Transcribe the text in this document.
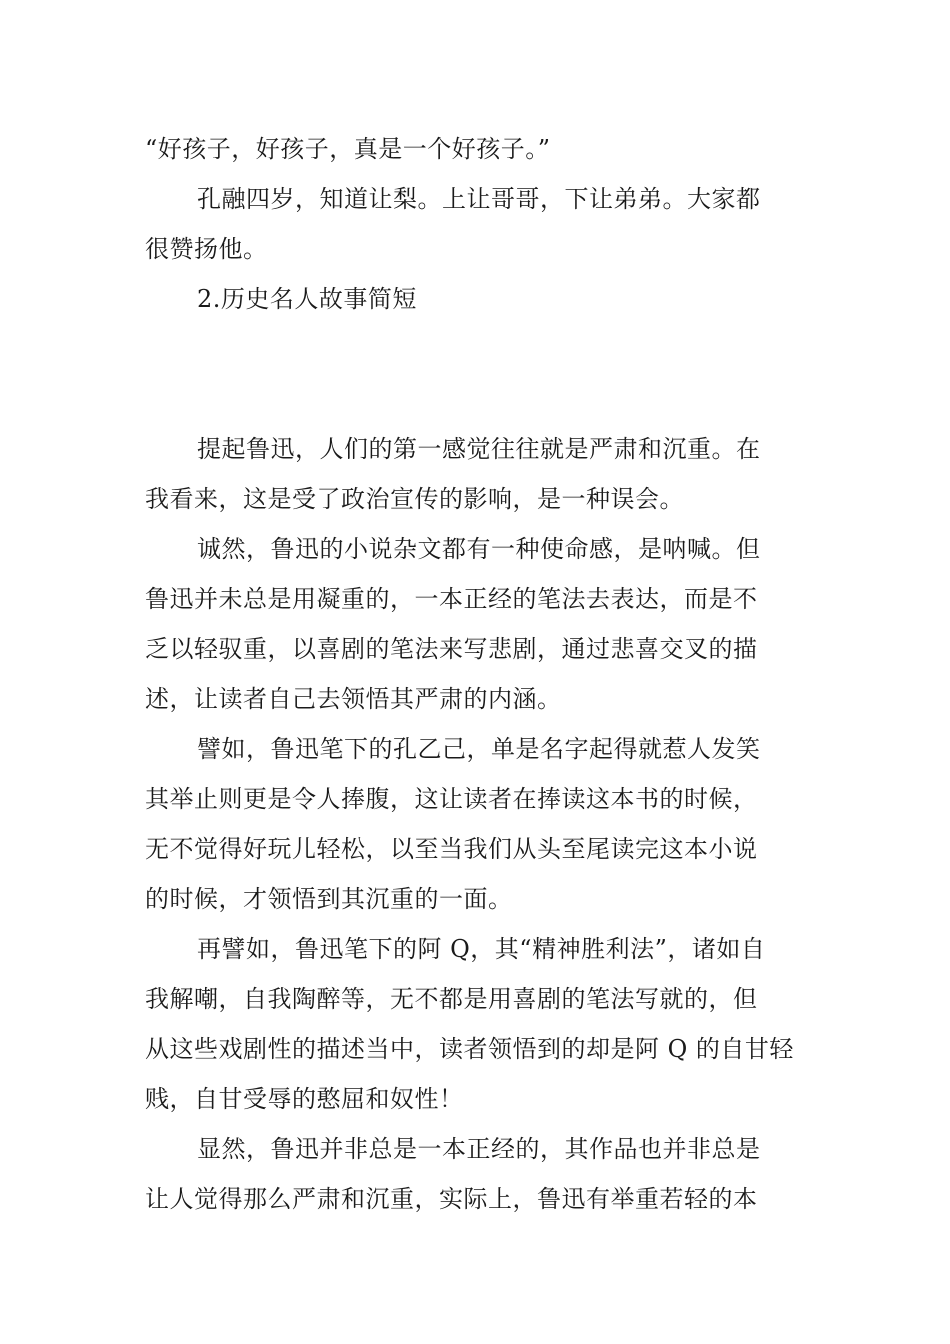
“好孩子，好孩子，真是一个好孩子。”

孔融四岁，知道让梨。上让哥哥，下让弟弟。大家都

很赞扬他。

2.历史名人故事简短

提起鲁迅，人们的第一感觉往往就是严肃和沉重。在

我看来，这是受了政治宣传的影响，是一种误会。

诚然，鲁迅的小说杂文都有一种使命感，是呐喊。但

鲁迅并未总是用凝重的，一本正经的笔法去表达，而是不

乏以轻驭重，以喜剧的笔法来写悲剧，通过悲喜交叉的描

述，让读者自己去领悟其严肃的内涵。

譬如，鲁迅笔下的孔乙己，单是名字起得就惹人发笑

其举止则更是令人捧腹，这让读者在捧读这本书的时候，

无不觉得好玩儿轻松，以至当我们从头至尾读完这本小说

的时候，才领悟到其沉重的一面。

再譬如，鲁迅笔下的阿 Q，其“精神胜利法”，诸如自

我解嘲，自我陶醉等，无不都是用喜剧的笔法写就的，但

从这些戏剧性的描述当中，读者领悟到的却是阿 Q 的自甘轻

贱，自甘受辱的憨屈和奴性！

显然，鲁迅并非总是一本正经的，其作品也并非总是

让人觉得那么严肃和沉重，实际上，鲁迅有举重若轻的本
